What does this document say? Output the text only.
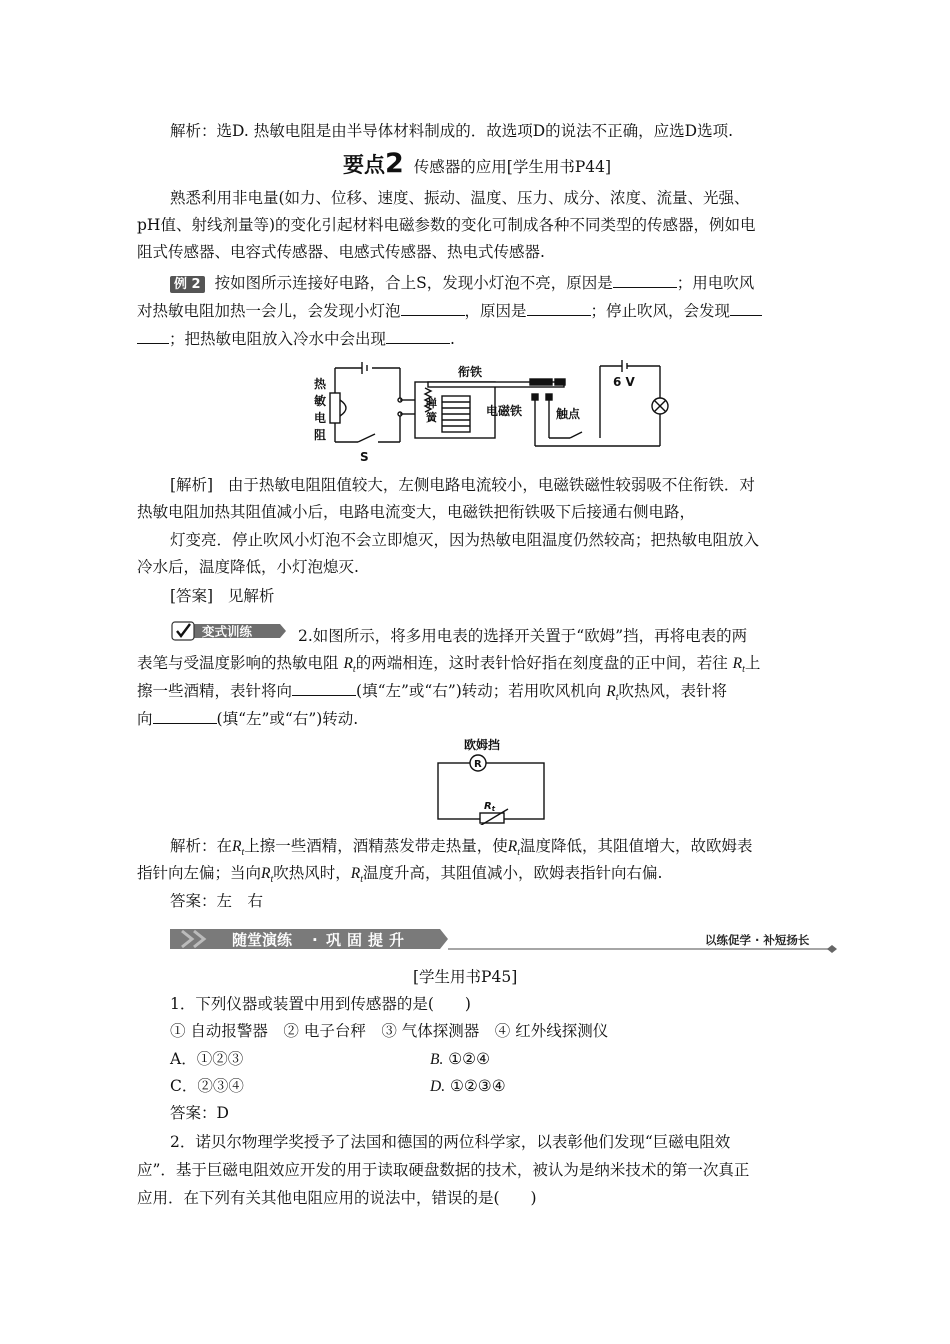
解析：选D. 热敏电阻是由半导体材料制成的．故选项D的说法不正确，应选D选项.
要点2 传感器的应用[学生用书P44]
熟悉利用非电量(如力、位移、速度、振动、温度、压力、成分、浓度、流量、光强、
pH值、射线剂量等)的变化引起材料电磁参数的变化可制成各种不同类型的传感器，例如电
阻式传感器、电容式传感器、电感式传感器、热电式传感器.
例 2 按如图所示连接好电路，合上S，发现小灯泡不亮，原因是	；用电吹风
对热敏电阻加热一会儿，会发现小灯泡	，原因是	；停止吹风，会发现
；把热敏电阻放入冷水中会出现	.
热
敏
电
阻
S
衔铁
弹
簧	电磁铁	触点
6 V
[解析] 由于热敏电阻阻值较大，左侧电路电流较小，电磁铁磁性较弱吸不住衔铁．对
热敏电阻加热其阻值减小后，电路电流变大，电磁铁把衔铁吸下后接通右侧电路，
灯变亮．停止吹风小灯泡不会立即熄灭，因为热敏电阻温度仍然较高；把热敏电阻放入
冷水后，温度降低，小灯泡熄灭.
[答案] 见解析
变式训练	2.如图所示，将多用电表的选择开关置于“欧姆”挡，再将电表的两
表笔与受温度影响的热敏电阻 $R_t$的两端相连，这时表针恰好指在刻度盘的正中间，若往 $R_t$上
擦一些酒精，表针将向	(填“左”或“右”)转动；若用吹风机向 $R_t$吹热风，表针将
向	(填“左”或“右”)转动.
欧姆挡
R
$R_t$
解析：在$R_t$上擦一些酒精，酒精蒸发带走热量，使$R_t$温度降低，其阻值增大，故欧姆表
指针向左偏；当向$R_t$吹热风时，$R_t$温度升高，其阻值减小，欧姆表指针向右偏.
答案：左　右
随堂演练 · 巩固提升	以练促学 · 补短扬长
[学生用书P45]
1．下列仪器或装置中用到传感器的是(　　)
① 自动报警器　② 电子台秤　③ 气体探测器　④ 红外线探测仪
A．①②③	B. ①②④
C．②③④	D. ①②③④
答案：D
2．诺贝尔物理学奖授予了法国和德国的两位科学家，以表彰他们发现“巨磁电阻效
应”．基于巨磁电阻效应开发的用于读取硬盘数据的技术，被认为是纳米技术的第一次真正
应用．在下列有关其他电阻应用的说法中，错误的是(　　)
